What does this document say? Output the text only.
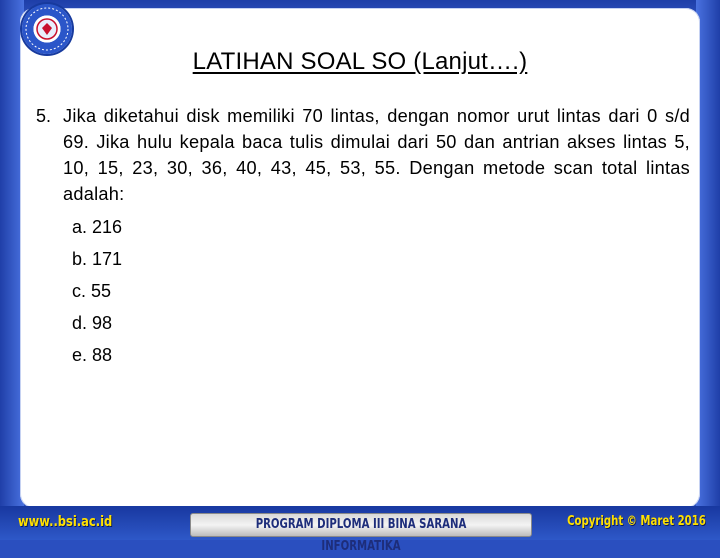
LATIHAN SOAL SO (Lanjut….)
5. Jika diketahui disk memiliki 70 lintas, dengan nomor urut lintas dari 0 s/d 69. Jika hulu kepala baca tulis dimulai dari 50 dan antrian akses lintas 5, 10, 15, 23, 30, 36, 40, 43, 45, 53, 55. Dengan metode scan total lintas adalah:
a. 216
b. 171
c. 55
d. 98
e. 88
www..bsi.ac.id	PROGRAM DIPLOMA III BINA SARANA INFORMATIKA
Copyright © Maret 2016
